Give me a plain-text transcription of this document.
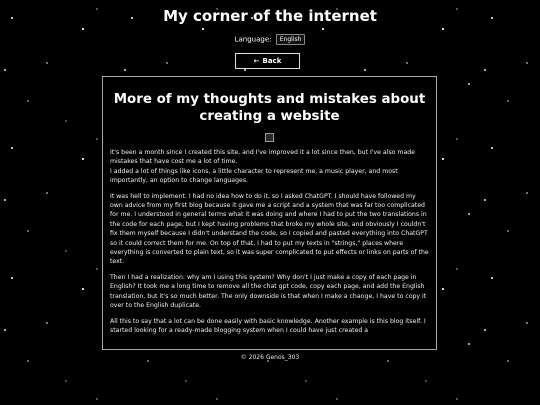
My corner of the internet
Language: English
← Back
More of my thoughts and mistakes about creating a website

It's been a month since I created this site, and I've improved it a lot since then, but I've also made mistakes that have cost me a lot of time.
I added a lot of things like icons, a little character to represent me, a music player, and most importantly, an option to change languages.

It was hell to implement. I had no idea how to do it, so I asked ChatGPT. I should have followed my own advice from my first blog because it gave me a script and a system that was far too complicated for me. I understood in general terms what it was doing and where I had to put the two translations in the code for each page, but I kept having problems that broke my whole site, and obviously I couldn't fix them myself because I didn't understand the code, so I copied and pasted everything into ChatGPT so it could correct them for me. On top of that, I had to put my texts in "strings," places where everything is converted to plain text, so it was super complicated to put effects or links on parts of the text.

Then I had a realization: why am I using this system? Why don't I just make a copy of each page in English? It took me a long time to remove all the chat gpt code, copy each page, and add the English translation, but it's so much better. The only downside is that when I make a change, I have to copy it over to the English duplicate.

All this to say that a lot can be done easily with basic knowledge. Another example is this blog itself. I started looking for a ready-made blogging system when I could have just created a

© 2026 Genos_303
